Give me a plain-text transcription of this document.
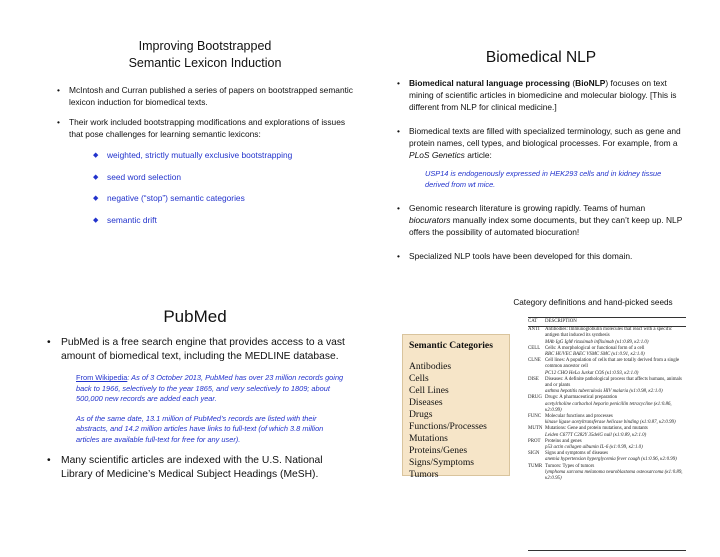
Improving Bootstrapped
Semantic Lexicon Induction
• McIntosh and Curran published a series of papers on bootstrapped semantic lexicon induction for biomedical texts.
• Their work included bootstrapping modifications and explorations of issues that pose challenges for learning semantic lexicons:
◆ weighted, strictly mutually exclusive bootstrapping
◆ seed word selection
◆ negative (“stop”) semantic categories
◆ semantic drift
Biomedical NLP
• Biomedical natural language processing (BioNLP) focuses on text mining of scientific articles in biomedicine and molecular biology. [This is different from NLP for clinical medicine.]
• Biomedical texts are filled with specialized terminology, such as gene and protein names, cell types, and biological processes. For example, from a PLoS Genetics article:
USP14 is endogenously expressed in HEK293 cells and in kidney tissue derived from wt mice.
• Genomic research literature is growing rapidly. Teams of human biocurators manually index some documents, but they can’t keep up. NLP offers the possibility of automated biocuration!
• Specialized NLP tools have been developed for this domain.
PubMed
• PubMed is a free search engine that provides access to a vast amount of biomedical text, including the MEDLINE database.
From Wikipedia: As of 3 October 2013, PubMed has over 23 million records going back to 1966, selectively to the year 1865, and very selectively to 1809; about 500,000 new records are added each year.
As of the same date, 13.1 million of PubMed’s records are listed with their abstracts, and 14.2 million articles have links to full-text (of which 3.8 million articles are available full-text for free for any user).
• Many scientific articles are indexed with the U.S. National Library of Medicine’s Medical Subject Headings (MeSH).
Category definitions and hand-picked seeds
Semantic Categories
Antibodies
Cells
Cell Lines
Diseases
Drugs
Functions/Processes
Mutations
Proteins/Genes
Signs/Symptoms
Tumors
CAT	DESCRIPTION
ANTI	Antibodies: Immunoglobulin molecules that react with a specific antigen that induced its synthesis
MAb IgG IgM rituximab infliximab (κ1:0.89, κ2:1.0)
CELL Cells: A morphological or functional form of a cell
RBC HUVEC BAEC VSMC SMC (κ1:0.91, κ2:1.0)
CLNE Cell lines: A population of cells that are totally derived from a single common ancestor cell
PC12 CHO HeLa Jurkat COS (κ1:0.93, κ2:1.0)
DISE	Diseases: A definite pathological process that affects humans, animals and or plants
asthma hepatitis tuberculosis HIV malaria (κ1:0.98, κ2:1.0)
DRUG Drugs: A pharmaceutical preparation
acetylcholine carbachol heparin penicillin tetracycline (κ1:0.86, κ2:0.99)
FUNC Molecular functions and processes
kinase ligase acetyltransferase helicase binding (κ1:0.87, κ2:0.99)
MUTN Mutations: Gene and protein mutations, and mutants
Leiden C677T C282Y 35delG null (κ1:0.89, κ2:1.0)
PROT Proteins and genes
p53 actin collagen albumin IL-6 (κ1:0.99, κ2:1.0)
SIGN	Signs and symptoms of diseases
anemia hypertension hyperglycemia fever cough (κ1:0.96, κ2:0.99)
TUMR Tumors: Types of tumors
lymphoma sarcoma melanoma neuroblastoma osteosarcoma (κ1:0.89, κ2:0.95)
